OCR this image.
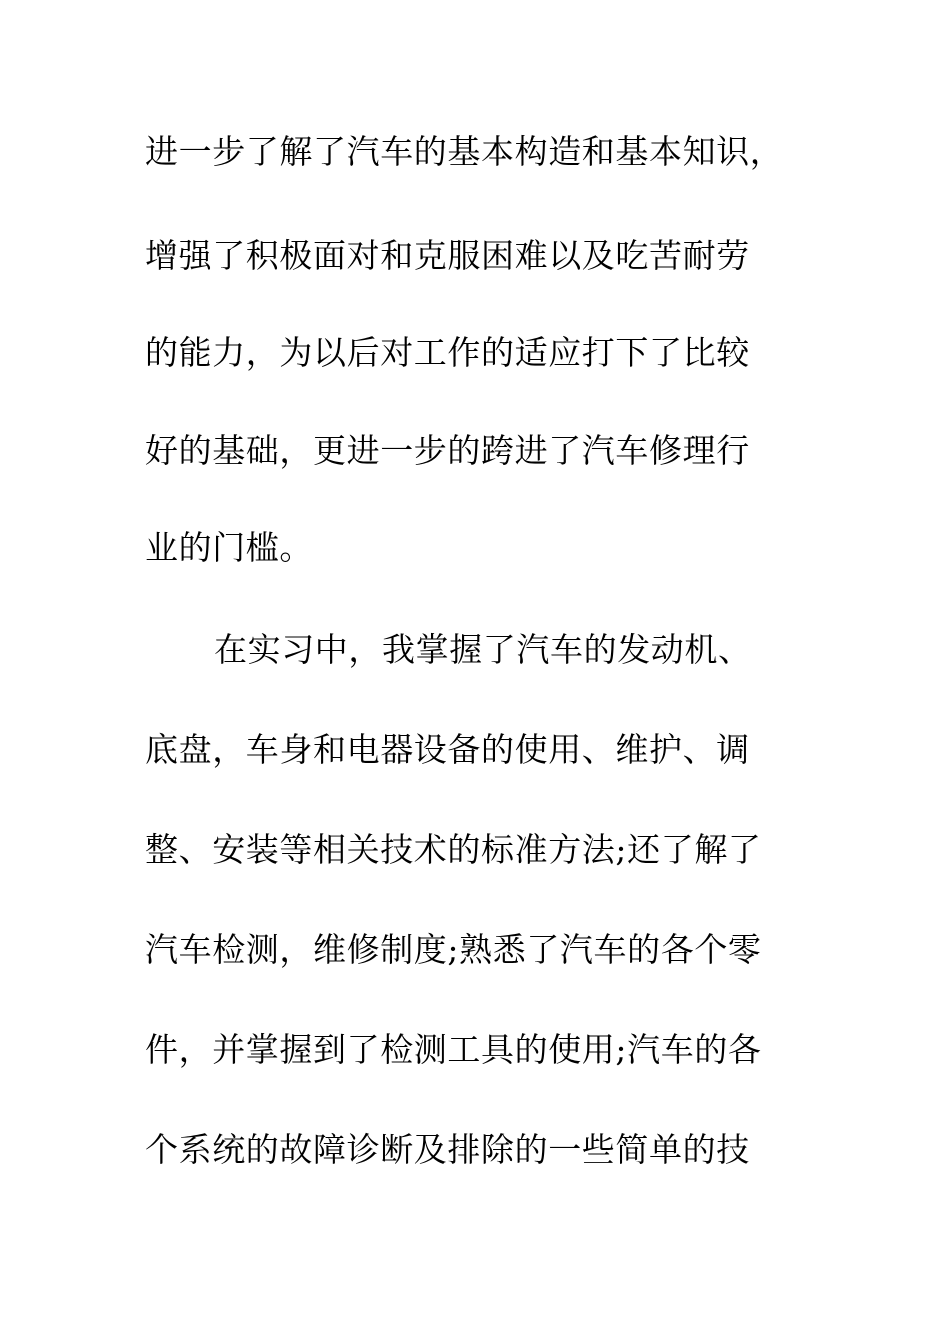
进一步了解了汽车的基本构造和基本知识，
增强了积极面对和克服困难以及吃苦耐劳
的能力，为以后对工作的适应打下了比较
好的基础，更进一步的跨进了汽车修理行
业的门槛。
在实习中，我掌握了汽车的发动机、
底盘，车身和电器设备的使用、维护、调
整、安装等相关技术的标准方法;还了解了
汽车检测，维修制度;熟悉了汽车的各个零
件，并掌握到了检测工具的使用;汽车的各
个系统的故障诊断及排除的一些简单的技
